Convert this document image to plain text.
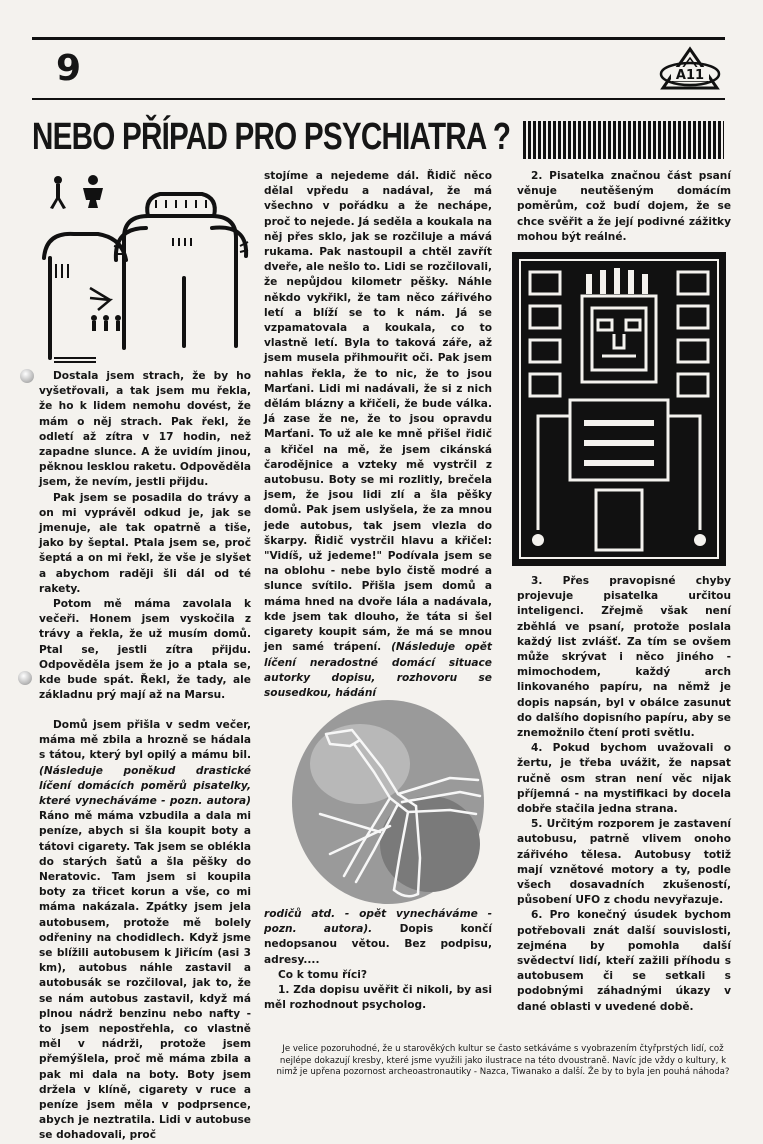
9	A11
NEBO PŘÍPAD PRO PSYCHIATRA ?

Dostala jsem strach, že by ho vyšetřovali, a tak jsem mu řekla, že ho k lidem nemohu dovést, že mám o něj strach. Pak řekl, že odletí až zítra v 17 hodin, než zapadne slunce. A že uvidím jinou, pěknou lesklou raketu. Odpověděla jsem, že nevím, jestli přijdu.

Pak jsem se posadila do trávy a on mi vyprávěl odkud je, jak se jmenuje, ale tak opatrně a tiše, jako by šeptal. Ptala jsem se, proč šeptá a on mi řekl, že vše je slyšet a abychom raději šli dál od té rakety.

Potom mě máma zavolala k večeři. Honem jsem vyskočila z trávy a řekla, že už musím domů. Ptal se, jestli zítra přijdu. Odpověděla jsem že jo a ptala se, kde bude spát. Řekl, že tady, ale základnu prý mají až na Marsu.

Domů jsem přišla v sedm večer, máma mě zbila a hrozně se hádala s tátou, který byl opilý a mámu bil. (Následuje poněkud drastické líčení domácích poměrů pisatelky, které vynecháváme - pozn. autora) Ráno mě máma vzbudila a dala mi peníze, abych si šla koupit boty a tátovi cigarety. Tak jsem se oblékla do starých šatů a šla pěšky do Neratovic. Tam jsem si koupila boty za třicet korun a vše, co mi máma nakázala. Zpátky jsem jela autobusem, protože mě bolely odřeniny na chodidlech. Když jsme se blížili autobusem k Jiřicím (asi 3 km), autobus náhle zastavil a autobusák se rozčiloval, jak to, že se nám autobus zastavil, když má plnou nádrž benzinu nebo nafty - to jsem nepostřehla, co vlastně měl v nádrži, protože jsem přemýšlela, proč mě máma zbila a pak mi dala na boty. Boty jsem držela v klíně, cigarety v ruce a peníze jsem měla v podprsence, abych je neztratila. Lidi v autobuse se dohadovali, proč

stojíme a nejedeme dál. Řidič něco dělal vpředu a nadával, že má všechno v pořádku a že nechápe, proč to nejede. Já seděla a koukala na něj přes sklo, jak se rozčiluje a mává rukama. Pak nastoupil a chtěl zavřít dveře, ale nešlo to. Lidi se rozčilovali, že nepůjdou kilometr pěšky. Náhle někdo vykřikl, že tam něco zářivého letí a blíží se to k nám. Já se vzpamatovala a koukala, co to vlastně letí. Byla to taková záře, až jsem musela přihmouřit oči. Pak jsem nahlas řekla, že to nic, že to jsou Marťani. Lidi mi nadávali, že si z nich dělám blázny a křičeli, že bude válka. Já zase že ne, že to jsou opravdu Marťani. To už ale ke mně přišel řidič a křičel na mě, že jsem cikánská čarodějnice a vzteky mě vystrčil z autobusu. Boty se mi rozlitly, brečela jsem, že jsou lidi zlí a šla pěšky domů. Pak jsem uslyšela, že za mnou jede autobus, tak jsem vlezla do škarpy. Řidič vystrčil hlavu a křičel: "Vidíš, už jedeme!" Podívala jsem se na oblohu - nebe bylo čistě modré a slunce svítilo. Přišla jsem domů a máma hned na dvoře lála a nadávala, kde jsem tak dlouho, že táta si šel cigarety koupit sám, že má se mnou jen samé trápení. (Následuje opět líčení neradostné domácí situace autorky dopisu, rozhovoru se sousedkou, hádání

rodičů atd. - opět vynecháváme - pozn. autora).	Dopis končí nedopsanou větou. Bez podpisu, adresy....

Co k tomu říci?

1. Zda dopisu uvěřit či nikoli, by asi měl rozhodnout psycholog.

2. Pisatelka značnou část psaní věnuje neutěšeným domácím poměrům, což budí dojem, že se chce svěřit a že její podivné zážitky mohou být reálné.

3. Přes pravopisné chyby projevuje pisatelka určitou inteligenci. Zřejmě však není zběhlá ve psaní, protože poslala každý list zvlášť. Za tím se ovšem může skrývat i něco jiného - mimochodem, každý arch linkovaného papíru, na němž je dopis napsán, byl v obálce zasunut do dalšího dopisního papíru, aby se znemožnilo čtení proti světlu.

4. Pokud bychom uvažovali o žertu, je třeba uvážit, že napsat ručně osm stran není věc nijak příjemná - na mystifikaci by docela dobře stačila jedna strana.

5. Určitým rozporem je zastavení autobusu, patrně vlivem onoho zářivého tělesa. Autobusy totiž mají vznětové motory a ty, podle všech dosavadních zkušeností, působení UFO z chodu nevyřazuje.

6. Pro konečný úsudek bychom potřebovali znát další souvislosti, zejména by pomohla další svědectví lidí, kteří zažili příhodu s autobusem či se setkali s podobnými záhadnými úkazy v dané oblasti v uvedené době.

Je velice pozoruhodné, že u starověkých kultur se často setkáváme s vyobrazením čtyřprstých lidí, což nejlépe dokazují kresby, které jsme využili jako ilustrace na této dvoustraně. Navíc jde vždy o kultury, k nimž je upřena pozornost archeoastronautiky - Nazca, Tiwanako a další. Že by to byla jen pouhá náhoda?
